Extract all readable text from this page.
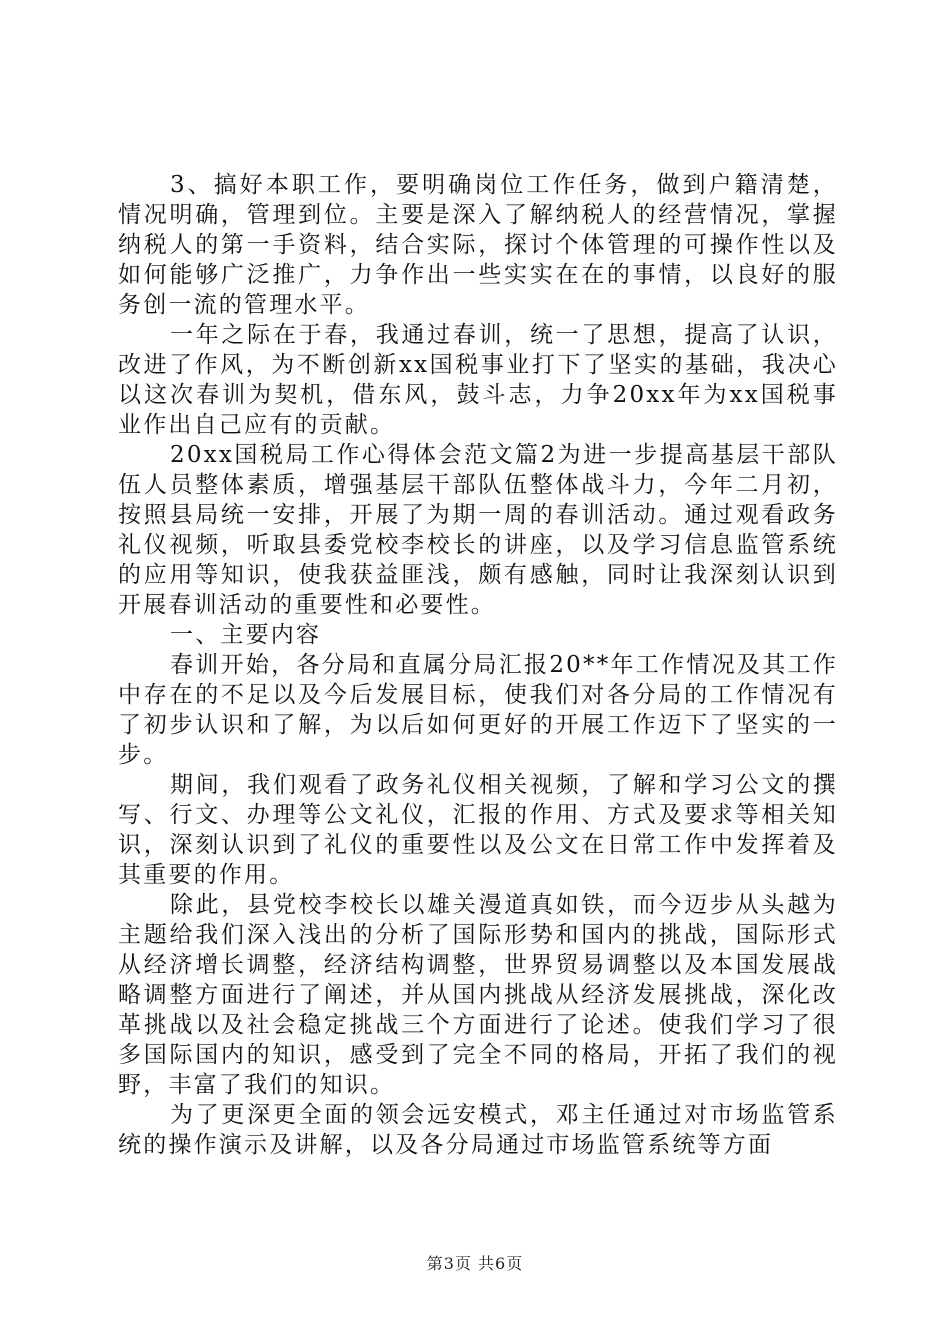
3、搞好本职工作，要明确岗位工作任务，做到户籍清楚，情况明确，管理到位。主要是深入了解纳税人的经营情况，掌握纳税人的第一手资料，结合实际，探讨个体管理的可操作性以及如何能够广泛推广，力争作出一些实实在在的事情，以良好的服务创一流的管理水平。

一年之际在于春，我通过春训，统一了思想，提高了认识，改进了作风，为不断创新xx国税事业打下了坚实的基础，我决心以这次春训为契机，借东风，鼓斗志，力争20xx年为xx国税事业作出自己应有的贡献。

20xx国税局工作心得体会范文篇2为进一步提高基层干部队伍人员整体素质，增强基层干部队伍整体战斗力，今年二月初，按照县局统一安排，开展了为期一周的春训活动。通过观看政务礼仪视频，听取县委党校李校长的讲座，以及学习信息监管系统的应用等知识，使我获益匪浅，颇有感触，同时让我深刻认识到开展春训活动的重要性和必要性。

一、主要内容

春训开始，各分局和直属分局汇报20**年工作情况及其工作中存在的不足以及今后发展目标，使我们对各分局的工作情况有了初步认识和了解，为以后如何更好的开展工作迈下了坚实的一步。

期间，我们观看了政务礼仪相关视频，了解和学习公文的撰写、行文、办理等公文礼仪，汇报的作用、方式及要求等相关知识，深刻认识到了礼仪的重要性以及公文在日常工作中发挥着及其重要的作用。

除此，县党校李校长以雄关漫道真如铁，而今迈步从头越为主题给我们深入浅出的分析了国际形势和国内的挑战，国际形式从经济增长调整，经济结构调整，世界贸易调整以及本国发展战略调整方面进行了阐述，并从国内挑战从经济发展挑战，深化改革挑战以及社会稳定挑战三个方面进行了论述。使我们学习了很多国际国内的知识，感受到了完全不同的格局，开拓了我们的视野，丰富了我们的知识。

为了更深更全面的领会远安模式，邓主任通过对市场监管系统的操作演示及讲解，以及各分局通过市场监管系统等方面

第3页 共6页
